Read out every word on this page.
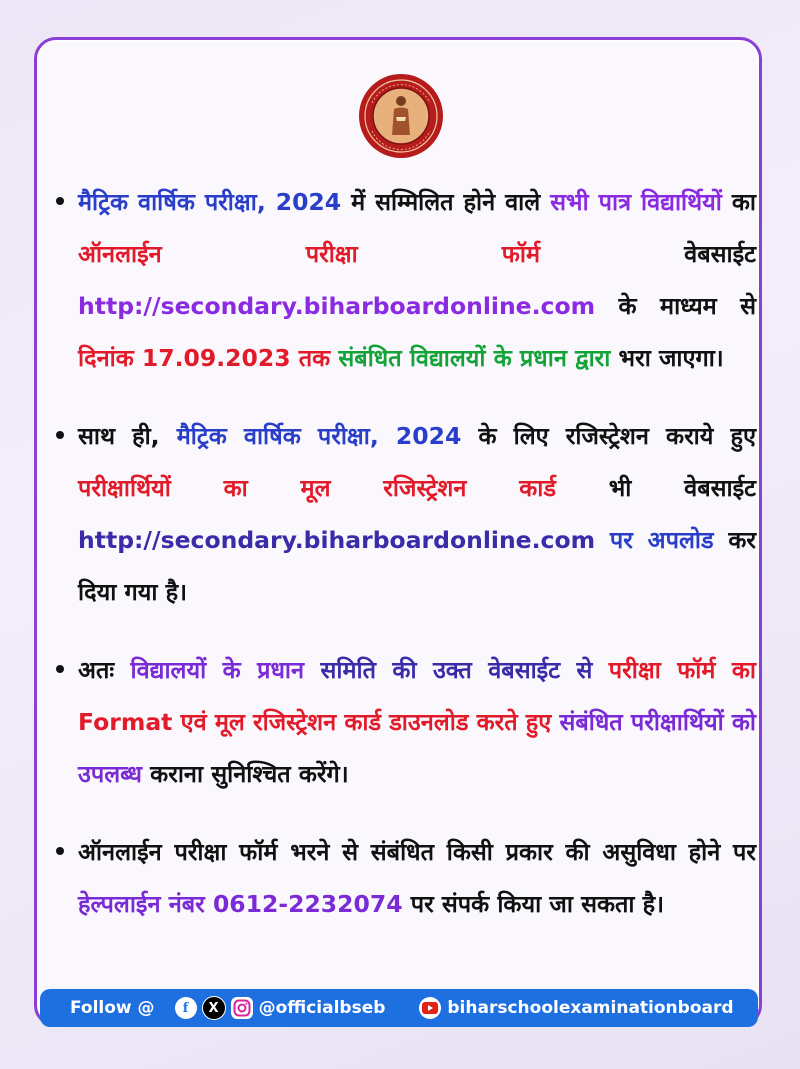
मैट्रिक वार्षिक परीक्षा, 2024 में सम्मिलित होने वाले सभी पात्र विद्यार्थियों का ऑनलाईन परीक्षा फॉर्म वेबसाईट http://secondary.biharboardonline.com के माध्यम से दिनांक 17.09.2023 तक संबंधित विद्यालयों के प्रधान द्वारा भरा जाएगा।
साथ ही, मैट्रिक वार्षिक परीक्षा, 2024 के लिए रजिस्ट्रेशन कराये हुए परीक्षार्थियों का मूल रजिस्ट्रेशन कार्ड भी वेबसाईट http://secondary.biharboardonline.com पर अपलोड कर दिया गया है।
अतः विद्यालयों के प्रधान समिति की उक्त वेबसाईट से परीक्षा फॉर्म का Format एवं मूल रजिस्ट्रेशन कार्ड डाउनलोड करते हुए संबंधित परीक्षार्थियों को उपलब्ध कराना सुनिश्चित करेंगे।
ऑनलाईन परीक्षा फॉर्म भरने से संबंधित किसी प्रकार की असुविधा होने पर हेल्पलाईन नंबर 0612-2232074 पर संपर्क किया जा सकता है।
Follow @	f	X	@officialbseb	biharschoolexaminationboard
